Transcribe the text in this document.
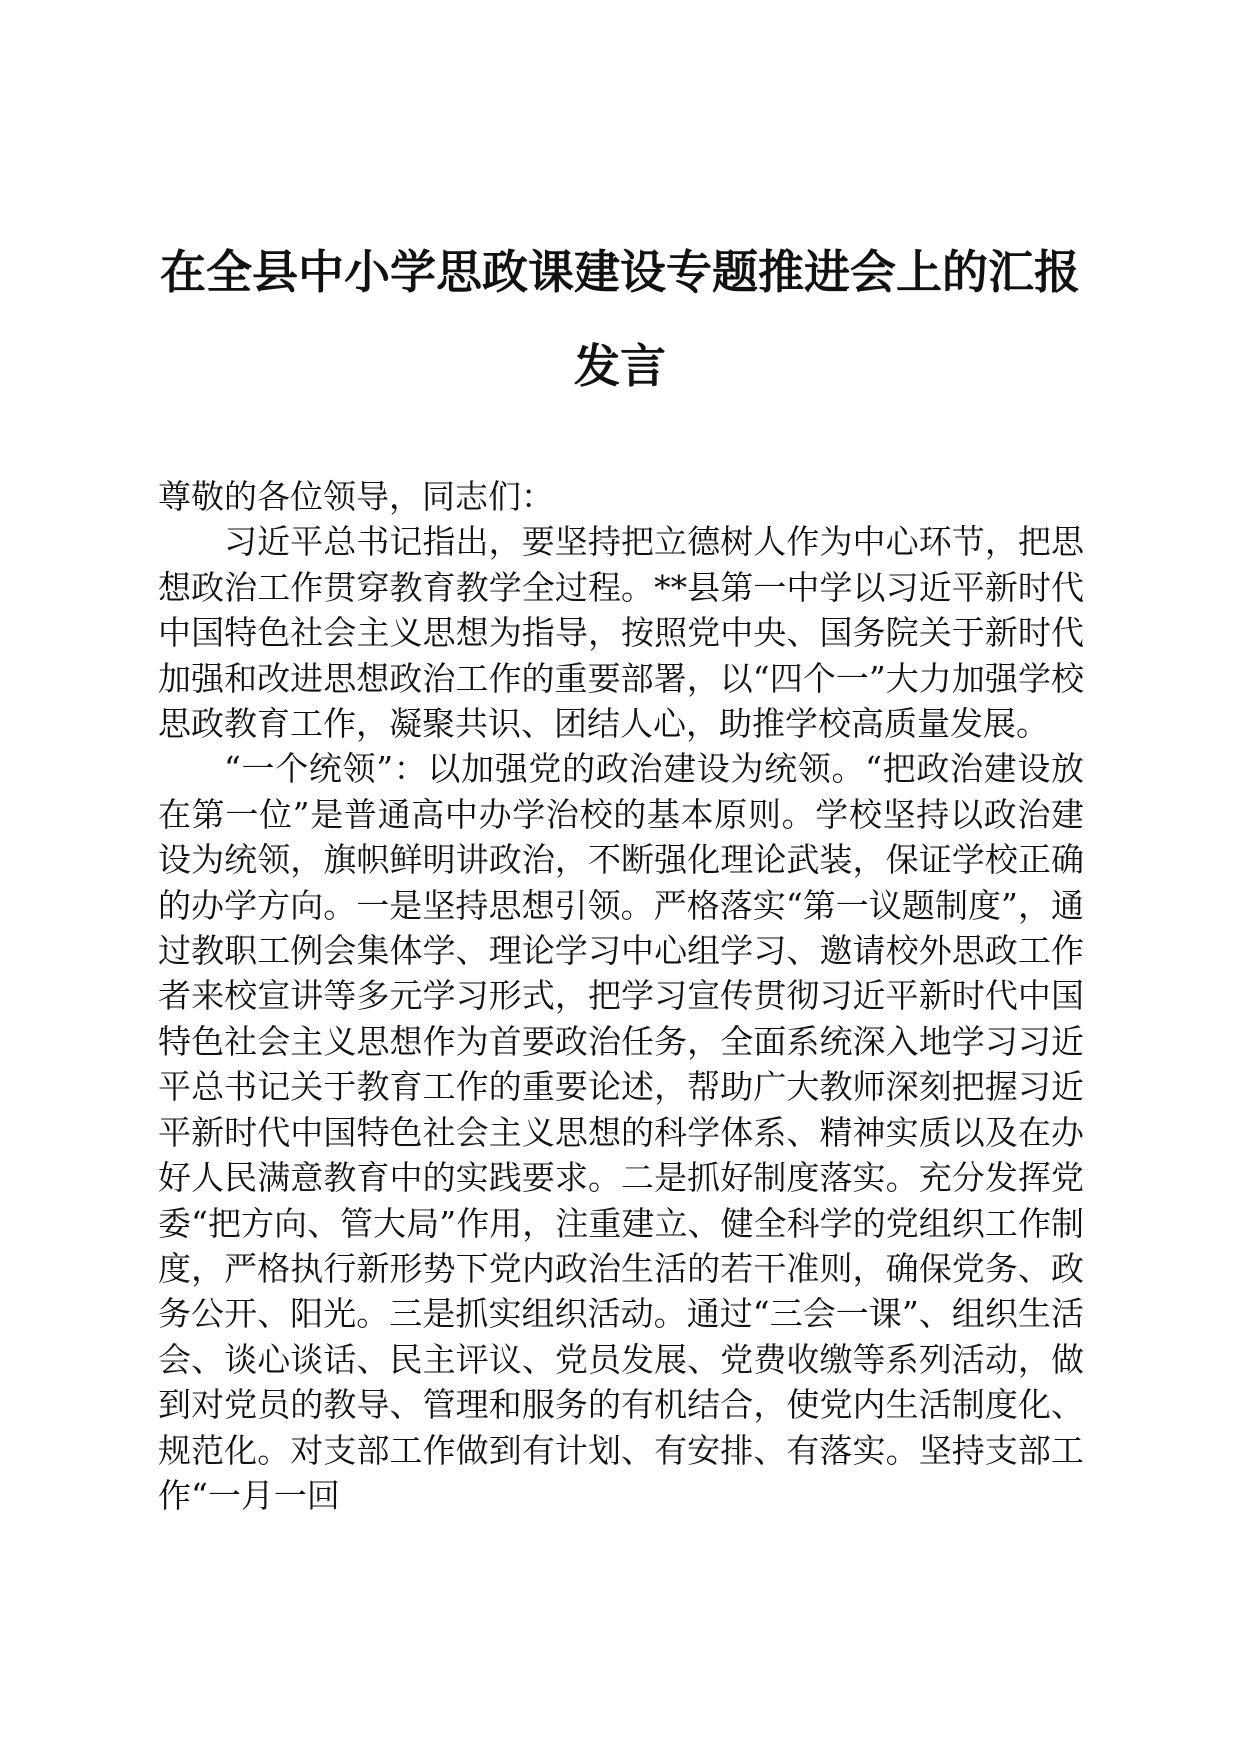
在全县中小学思政课建设专题推进会上的汇报
发言

尊敬的各位领导，同志们：

习近平总书记指出，要坚持把立德树人作为中心环节，把思想政治工作贯穿教育教学全过程。**县第一中学以习近平新时代中国特色社会主义思想为指导，按照党中央、国务院关于新时代加强和改进思想政治工作的重要部署，以“四个一”大力加强学校思政教育工作，凝聚共识、团结人心，助推学校高质量发展。

“一个统领”：以加强党的政治建设为统领。“把政治建设放在第一位”是普通高中办学治校的基本原则。学校坚持以政治建设为统领，旗帜鲜明讲政治，不断强化理论武装，保证学校正确的办学方向。一是坚持思想引领。严格落实“第一议题制度”，通过教职工例会集体学、理论学习中心组学习、邀请校外思政工作者来校宣讲等多元学习形式，把学习宣传贯彻习近平新时代中国特色社会主义思想作为首要政治任务，全面系统深入地学习习近平总书记关于教育工作的重要论述，帮助广大教师深刻把握习近平新时代中国特色社会主义思想的科学体系、精神实质以及在办好人民满意教育中的实践要求。二是抓好制度落实。充分发挥党委“把方向、管大局”作用，注重建立、健全科学的党组织工作制度，严格执行新形势下党内政治生活的若干准则，确保党务、政务公开、阳光。三是抓实组织活动。通过“三会一课”、组织生活会、谈心谈话、民主评议、党员发展、党费收缴等系列活动，做到对党员的教导、管理和服务的有机结合，使党内生活制度化、规范化。对支部工作做到有计划、有安排、有落实。坚持支部工作“一月一回
